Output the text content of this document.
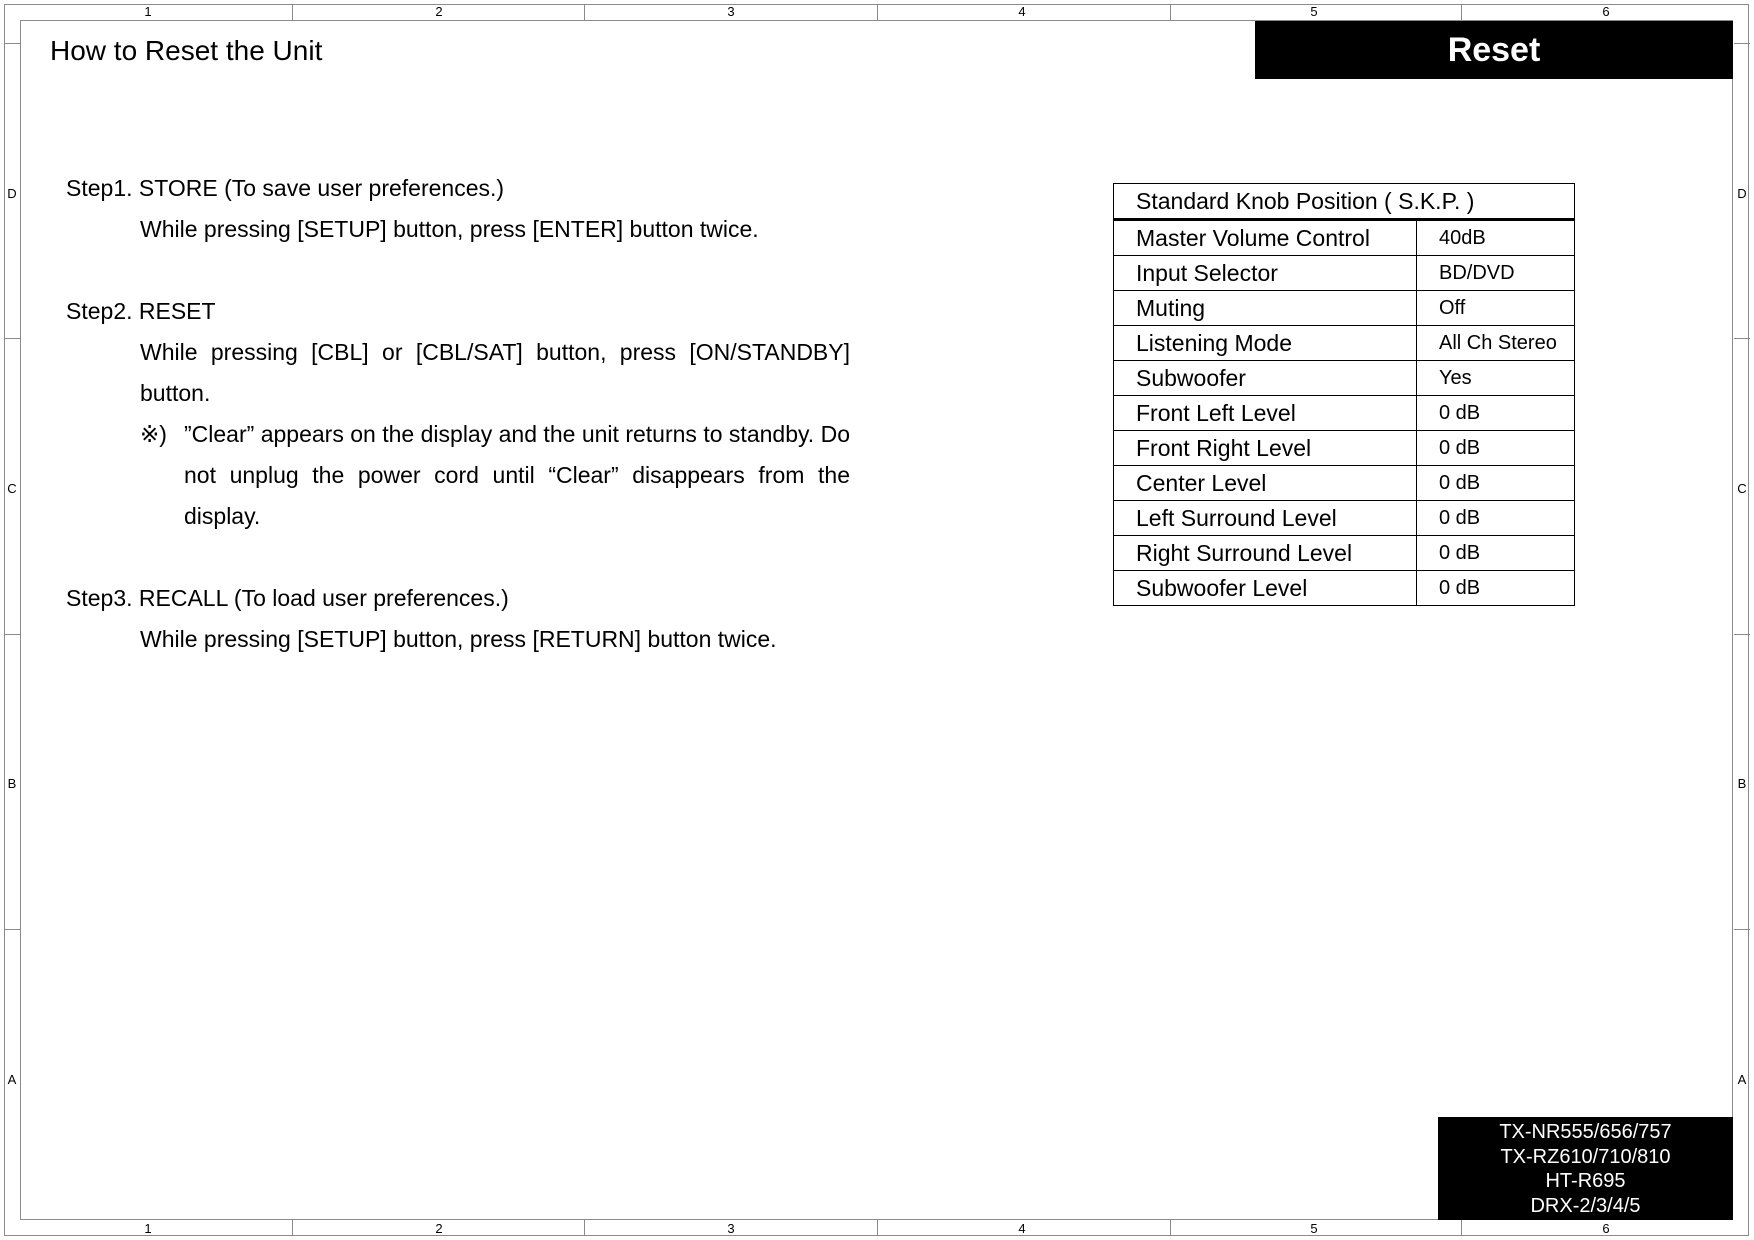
1	2	3	4	5	6
1	2	3	4	5	6
D
C
B
A
D
C
B
A
How to Reset the Unit	Reset
Step1. STORE (To save user preferences.)
While pressing [SETUP] button, press [ENTER] button twice.
Step2. RESET
While pressing [CBL] or [CBL/SAT] button, press [ON/STANDBY] button.
※) ”Clear” appears on the display and the unit returns to standby. Do not unplug the power cord until “Clear” disappears from the display.
Step3. RECALL (To load user preferences.)
While pressing [SETUP] button, press [RETURN] button twice.
Standard Knob Position ( S.K.P. )	
Master Volume Control	40dB
Input Selector	BD/DVD
Muting	Off
Listening Mode	All Ch Stereo
Subwoofer	Yes
Front Left Level	0 dB
Front Right Level	0 dB
Center Level	0 dB
Left Surround Level	0 dB
Right Surround Level	0 dB
Subwoofer Level	0 dB
TX-NR555/656/757
TX-RZ610/710/810
HT-R695
DRX-2/3/4/5
